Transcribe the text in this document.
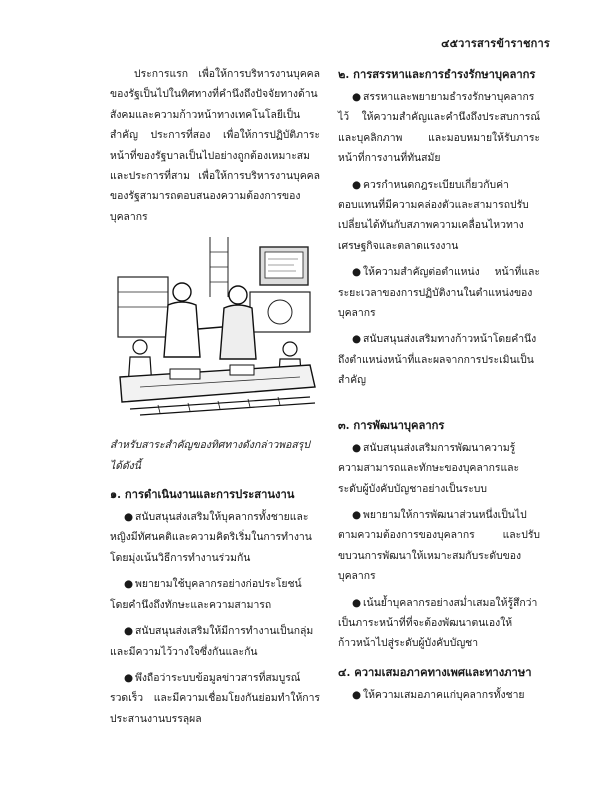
๔๕วารสารข้าราชการ

ประการแรก เพื่อให้การบริหารงานบุคคลของรัฐเป็นไปในทิศทางที่คำนึงถึงปัจจัยทางด้านสังคมและความก้าวหน้าทางเทคโนโลยีเป็นสำคัญ ประการที่สอง เพื่อให้การปฏิบัติภาระหน้าที่ของรัฐบาลเป็นไปอย่างถูกต้องเหมาะสม และประการที่สาม เพื่อให้การบริหารงานบุคคลของรัฐสามารถตอบสนองความต้องการของบุคลากร

สำหรับสาระสำคัญของทิศทางดังกล่าวพอสรุปได้ดังนี้

๑. การดำเนินงานและการประสานงาน

● สนับสนุนส่งเสริมให้บุคลากรทั้งชายและหญิงมีทัศนคติและความคิดริเริ่มในการทำงาน โดยมุ่งเน้นวิธีการทำงานร่วมกัน

● พยายามใช้บุคลากรอย่างก่อประโยชน์โดยคำนึงถึงทักษะและความสามารถ

● สนับสนุนส่งเสริมให้มีการทำงานเป็นกลุ่มและมีความไว้วางใจซึ่งกันและกัน

● พึงถือว่าระบบข้อมูลข่าวสารที่สมบูรณ์รวดเร็ว และมีความเชื่อมโยงกันย่อมทำให้การประสานงานบรรลุผล

๒. การสรรหาและการธำรงรักษาบุคลากร

● สรรหาและพยายามธำรงรักษาบุคลากรไว้ ให้ความสำคัญและคำนึงถึงประสบการณ์และบุคลิกภาพ และมอบหมายให้รับภาระหน้าที่การงานที่ทันสมัย

● ควรกำหนดกฎระเบียบเกี่ยวกับค่าตอบแทนที่มีความคล่องตัวและสามารถปรับเปลี่ยนได้ทันกับสภาพความเคลื่อนไหวทางเศรษฐกิจและตลาดแรงงาน

● ให้ความสำคัญต่อตำแหน่ง หน้าที่และระยะเวลาของการปฏิบัติงานในตำแหน่งของบุคลากร

● สนับสนุนส่งเสริมทางก้าวหน้าโดยคำนึงถึงตำแหน่งหน้าที่และผลจากการประเมินเป็นสำคัญ

๓. การพัฒนาบุคลากร

● สนับสนุนส่งเสริมการพัฒนาความรู้ความสามารถและทักษะของบุคลากรและระดับผู้บังคับบัญชาอย่างเป็นระบบ

● พยายามให้การพัฒนาส่วนหนึ่งเป็นไปตามความต้องการของบุคลากร และปรับขบวนการพัฒนาให้เหมาะสมกับระดับของบุคลากร

● เน้นย้ำบุคลากรอย่างสม่ำเสมอให้รู้สึกว่าเป็นภาระหน้าที่ที่จะต้องพัฒนาตนเองให้ก้าวหน้าไปสู่ระดับผู้บังคับบัญชา

๔. ความเสมอภาคทางเพศและทางภาษา

● ให้ความเสมอภาคแก่บุคลากรทั้งชาย
